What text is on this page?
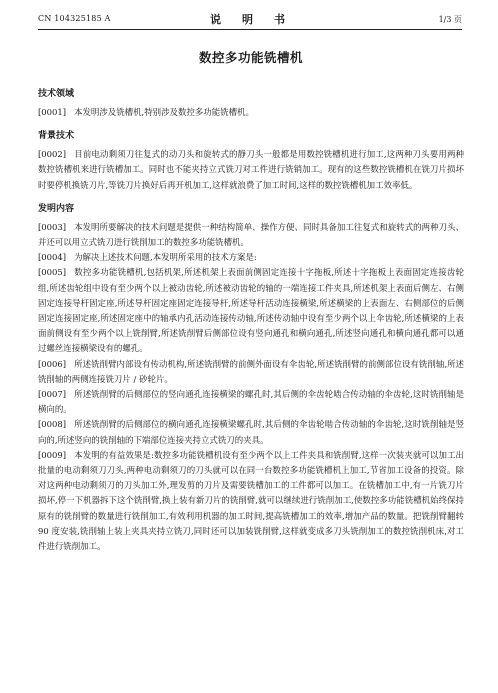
CN 104325185 A	说　明　书	1/3 页
数控多功能铣槽机
技术领域

[0001] 本发明涉及铣槽机,特别涉及数控多功能铣槽机。

背景技术

[0002] 目前电动剩须刀往复式的动刀头和旋转式的静刀头一般都是用数控铣槽机进行加工,这两种刀头要用两种数控铣槽机来进行铣槽加工。同时也不能夹持立式铣刀对工件进行铣销加工。现有的这些数控铣槽机在铣刀片损坏时要停机换铣刀片,等铣刀片换好后再开机加工,这样就浪费了加工时间,这样的数控铣槽机加工效率低。

发明内容

[0003] 本发明所要解决的技术问题是提供一种结构简单、操作方便、同时具备加工往复式和旋转式的两种刀头、并还可以用立式铣刀进行铣削加工的数控多功能铣槽机。

[0004] 为解决上述技术问题,本发明所采用的技术方案是:

[0005] 数控多功能铣槽机,包括机架,所述机架上表面前侧固定连接十字拖板,所述十字拖板上表面固定连接齿轮组,所述齿轮组中设有至少两个以上被动齿轮,所述被动齿轮的轴的一端连接工件夹具,所述机架上表面后侧左、右侧固定连接导杆固定座,所述导杆固定座固定连接导杆,所述导杆活动连接横梁,所述横梁的上表面左、右侧部位的后侧固定连接固定座,所述固定座中的轴承内孔活动连接传动轴,所述传动轴中设有至少两个以上伞齿轮,所述横梁的上表面前侧设有至少两个以上铣削臂,所述铣削臂后侧部位设有竖向通孔和横向通孔,所述竖向通孔和横向通孔都可以通过螺丝连接横梁设有的螺孔。

[0006] 所述铣削臂内部设有传动机构,所述铣削臂的前侧外面设有伞齿轮,所述铣削臂的前侧部位设有铣削轴,所述铣削轴的两侧连接铣刀片 / 砂轮片。

[0007] 所述铣削臂的后侧部位的竖向通孔连接横梁的螺孔时,其后侧的伞齿轮啮合传动轴的伞齿轮,这时铣削轴是横向的。

[0008] 所述铣削臂的后侧部位的横向通孔连接横梁螺孔时,其后侧的伞齿轮啮合传动轴的伞齿轮,这时铣削轴是竖向的,所述竖向的铣削轴的下端部位连接夹持立式铣刀的夹具。

[0009] 本发明的有益效果是:数控多功能铣槽机设有至少两个以上工件夹具和铣削臂,这样一次装夹就可以加工出批量的电动剩须刀刀头,两种电动剩须刀的刀头就可以在同一台数控多功能铣槽机上加工,节省加工设备的投资。除对这两种电动剩须刀的刀头加工外,理发剪的刀片及需要铣槽加工的工件都可以加工。在铣槽加工中,有一片铣刀片损坏,停一下机器拆下这个铣削臂,换上装有新刀片的铣削臂,就可以继续进行铣削加工,使数控多功能铣槽机始终保持原有的铣削臂的数量进行铣削加工,有效利用机器的加工时间,提高铣槽加工的效率,增加产品的数量。把铣削臂翻转 90 度安装,铣削轴上装上夹具夹持立铣刀,同时还可以加装铣削臂,这样就变成多刀头铣削加工的数控铣削机床,对工件进行铣削加工。
